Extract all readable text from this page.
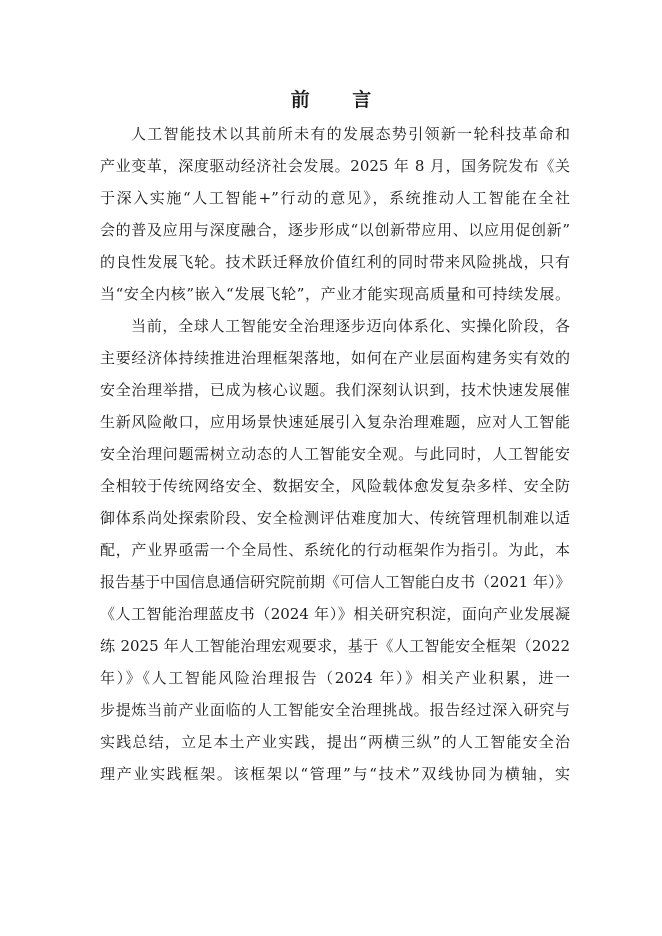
前 言

人工智能技术以其前所未有的发展态势引领新一轮科技革命和
产业变革，深度驱动经济社会发展。2025 年 8 月，国务院发布《关
于深入实施“人工智能+”行动的意见》，系统推动人工智能在全社
会的普及应用与深度融合，逐步形成“以创新带应用、以应用促创新”
的良性发展飞轮。技术跃迁释放价值红利的同时带来风险挑战，只有
当“安全内核”嵌入“发展飞轮”，产业才能实现高质量和可持续发展。

当前，全球人工智能安全治理逐步迈向体系化、实操化阶段，各
主要经济体持续推进治理框架落地，如何在产业层面构建务实有效的
安全治理举措，已成为核心议题。我们深刻认识到，技术快速发展催
生新风险敞口，应用场景快速延展引入复杂治理难题，应对人工智能
安全治理问题需树立动态的人工智能安全观。与此同时，人工智能安
全相较于传统网络安全、数据安全，风险载体愈发复杂多样、安全防
御体系尚处探索阶段、安全检测评估难度加大、传统管理机制难以适
配，产业界亟需一个全局性、系统化的行动框架作为指引。为此，本
报告基于中国信息通信研究院前期《可信人工智能白皮书（2021 年）》
《人工智能治理蓝皮书（2024 年）》相关研究积淀，面向产业发展凝
练 2025 年人工智能治理宏观要求，基于《人工智能安全框架（2022
年）》《人工智能风险治理报告（2024 年）》相关产业积累，进一
步提炼当前产业面临的人工智能安全治理挑战。报告经过深入研究与
实践总结，立足本土产业实践，提出“两横三纵”的人工智能安全治
理产业实践框架。该框架以“管理”与“技术”双线协同为横轴，实
